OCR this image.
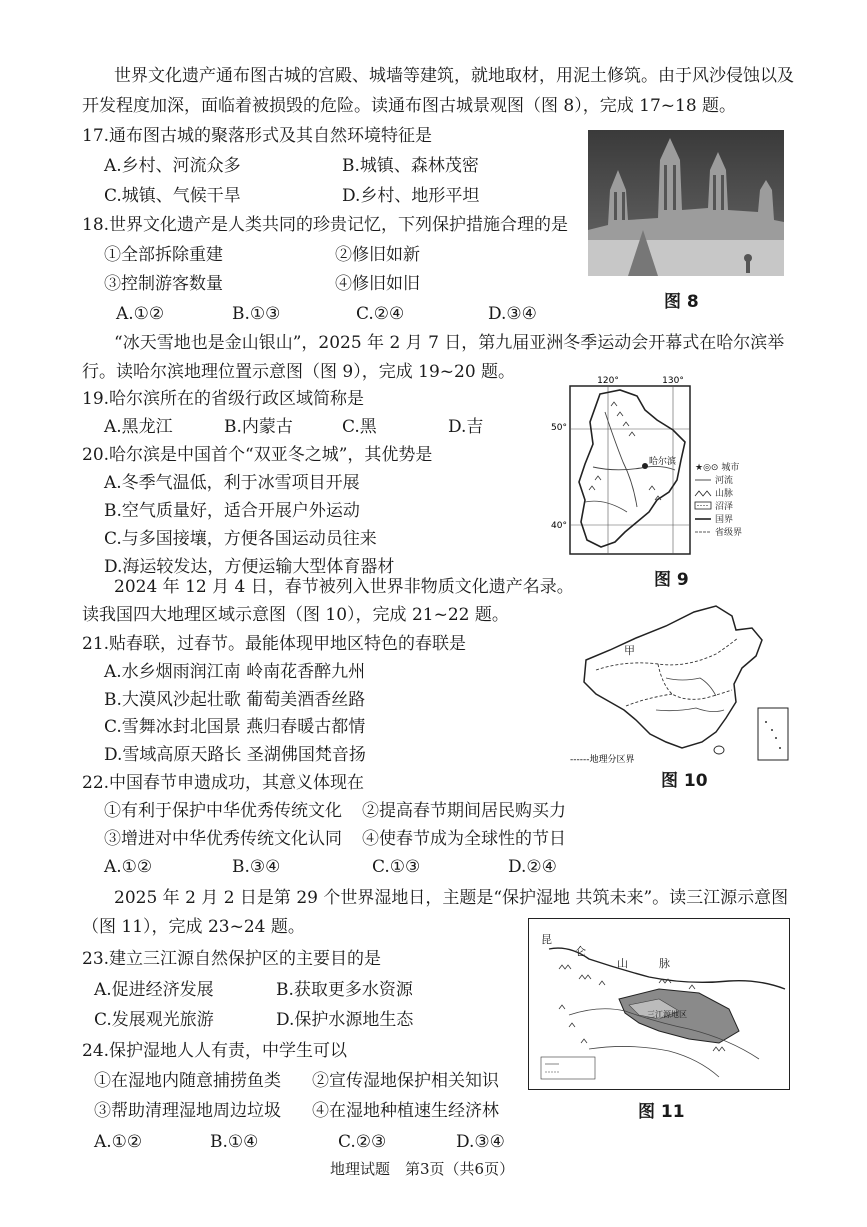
世界文化遗产通布图古城的宫殿、城墙等建筑，就地取材，用泥土修筑。由于风沙侵蚀以及
开发程度加深，面临着被损毁的危险。读通布图古城景观图（图 8），完成 17~18 题。
17.通布图古城的聚落形式及其自然环境特征是
A.乡村、河流众多	B.城镇、森林茂密
C.城镇、气候干旱	D.乡村、地形平坦
18.世界文化遗产是人类共同的珍贵记忆，下列保护措施合理的是
①全部拆除重建	②修旧如新
③控制游客数量	④修旧如旧
A.①②	B.①③	C.②④	D.③④
图 8
“冰天雪地也是金山银山”，2025 年 2 月 7 日，第九届亚洲冬季运动会开幕式在哈尔滨举
行。读哈尔滨地理位置示意图（图 9），完成 19~20 题。
19.哈尔滨所在的省级行政区域简称是
A.黑龙江	B.内蒙古	C.黑	D.吉
20.哈尔滨是中国首个“双亚冬之城”，其优势是
A.冬季气温低，利于冰雪项目开展
B.空气质量好，适合开展户外运动
C.与多国接壤，方便各国运动员往来
D.海运较发达，方便运输大型体育器材
50°
40°
120°	130°
哈尔滨
★◎⊙ 城市
河流
山脉
沼泽
国界
省级界
图 9
2024 年 12 月 4 日，春节被列入世界非物质文化遗产名录。
读我国四大地理区域示意图（图 10），完成 21~22 题。
21.贴春联，过春节。最能体现甲地区特色的春联是
A.水乡烟雨润江南 岭南花香醉九州
B.大漠风沙起壮歌 葡萄美酒香丝路
C.雪舞冰封北国景 燕归春暖古都情
D.雪域高原天路长 圣湖佛国梵音扬
甲
------地理分区界
图 10
22.中国春节申遗成功，其意义体现在
①有利于保护中华优秀传统文化 ②提高春节期间居民购买力
③增进对中华优秀传统文化认同 ④使春节成为全球性的节日
A.①②	B.③④	C.①③	D.②④
2025 年 2 月 2 日是第 29 个世界湿地日，主题是“保护湿地 共筑未来”。读三江源示意图
（图 11），完成 23~24 题。
昆
仑
山	脉
三江源地区
图 11
23.建立三江源自然保护区的主要目的是
A.促进经济发展	B.获取更多水资源
C.发展观光旅游	D.保护水源地生态
24.保护湿地人人有责，中学生可以
①在湿地内随意捕捞鱼类 ②宣传湿地保护相关知识
③帮助清理湿地周边垃圾 ④在湿地种植速生经济林
A.①②	B.①④	C.②③	D.③④
地理试题　第3页（共6页）
